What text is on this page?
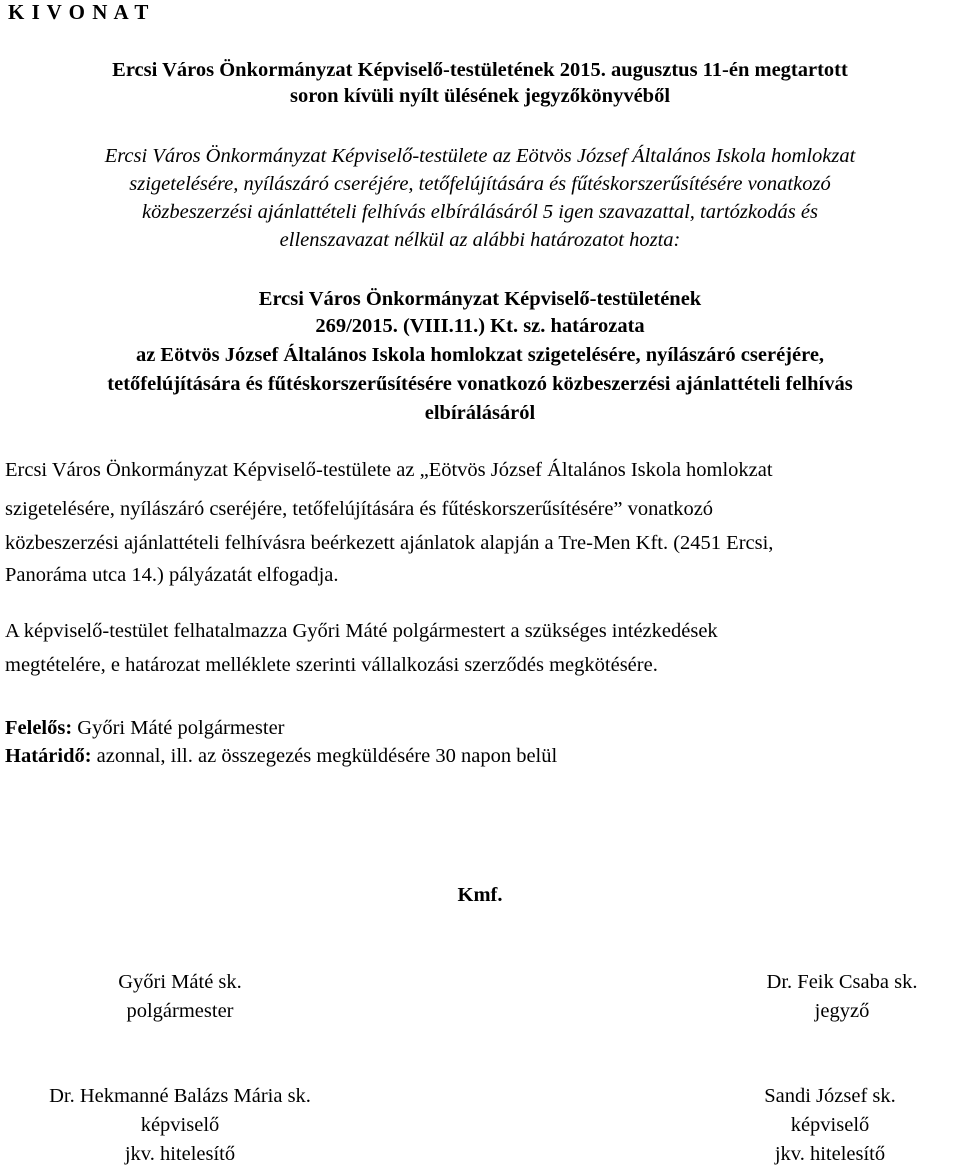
K I V O N A T
Ercsi Város Önkormányzat Képviselő-testületének 2015. augusztus 11-én megtartott
soron kívüli nyílt ülésének jegyzőkönyvéből
Ercsi Város Önkormányzat Képviselő-testülete az Eötvös József Általános Iskola homlokzat
szigetelésére, nyílászáró cseréjére, tetőfelújítására és fűtéskorszerűsítésére vonatkozó
közbeszerzési ajánlattételi felhívás elbírálásáról 5 igen szavazattal, tartózkodás és
ellenszavazat nélkül az alábbi határozatot hozta:
Ercsi Város Önkormányzat Képviselő-testületének
269/2015. (VIII.11.) Kt. sz. határozata
az Eötvös József Általános Iskola homlokzat szigetelésére, nyílászáró cseréjére,
tetőfelújítására és fűtéskorszerűsítésére vonatkozó közbeszerzési ajánlattételi felhívás
elbírálásáról
Ercsi Város Önkormányzat Képviselő-testülete az „Eötvös József Általános Iskola homlokzat
szigetelésére, nyílászáró cseréjére, tetőfelújítására és fűtéskorszerűsítésére” vonatkozó
közbeszerzési ajánlattételi felhívásra beérkezett ajánlatok alapján a Tre-Men Kft. (2451 Ercsi,
Panoráma utca 14.) pályázatát elfogadja.
A képviselő-testület felhatalmazza Győri Máté polgármestert a szükséges intézkedések
megtételére, e határozat melléklete szerinti vállalkozási szerződés megkötésére.
Felelős: Győri Máté polgármester
Határidő: azonnal, ill. az összegezés megküldésére 30 napon belül
Kmf.
Győri Máté sk.
polgármester
Dr. Feik Csaba sk.
jegyző
Dr. Hekmanné Balázs Mária sk.
képviselő
jkv. hitelesítő
Sandi József sk.
képviselő
jkv. hitelesítő
